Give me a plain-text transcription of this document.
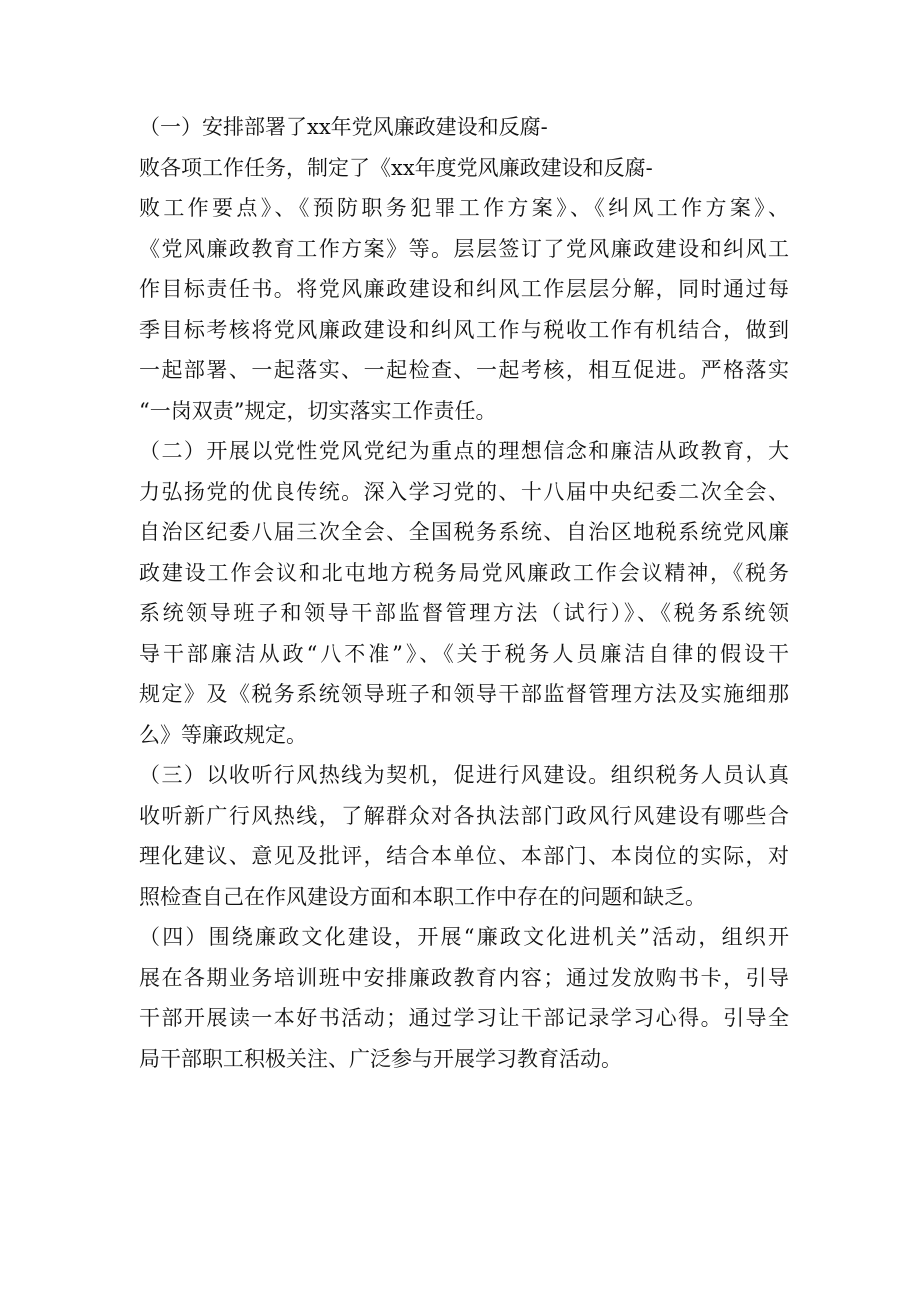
（一）安排部署了xx年党风廉政建设和反腐-
败各项工作任务，制定了《xx年度党风廉政建设和反腐-
败工作要点》、《预防职务犯罪工作方案》、《纠风工作方案》、
《党风廉政教育工作方案》等。层层签订了党风廉政建设和纠风工
作目标责任书。将党风廉政建设和纠风工作层层分解，同时通过每
季目标考核将党风廉政建设和纠风工作与税收工作有机结合，做到
一起部署、一起落实、一起检查、一起考核，相互促进。严格落实
“一岗双责”规定，切实落实工作责任。
（二）开展以党性党风党纪为重点的理想信念和廉洁从政教育，大
力弘扬党的优良传统。深入学习党的、十八届中央纪委二次全会、
自治区纪委八届三次全会、全国税务系统、自治区地税系统党风廉
政建设工作会议和北屯地方税务局党风廉政工作会议精神，《税务
系统领导班子和领导干部监督管理方法（试行）》、《税务系统领
导干部廉洁从政“八不准”》、《关于税务人员廉洁自律的假设干
规定》及《税务系统领导班子和领导干部监督管理方法及实施细那
么》等廉政规定。
（三）以收听行风热线为契机，促进行风建设。组织税务人员认真
收听新广行风热线，了解群众对各执法部门政风行风建设有哪些合
理化建议、意见及批评，结合本单位、本部门、本岗位的实际，对
照检查自己在作风建设方面和本职工作中存在的问题和缺乏。
（四）围绕廉政文化建设，开展“廉政文化进机关”活动，组织开
展在各期业务培训班中安排廉政教育内容；通过发放购书卡，引导
干部开展读一本好书活动；通过学习让干部记录学习心得。引导全
局干部职工积极关注、广泛参与开展学习教育活动。
